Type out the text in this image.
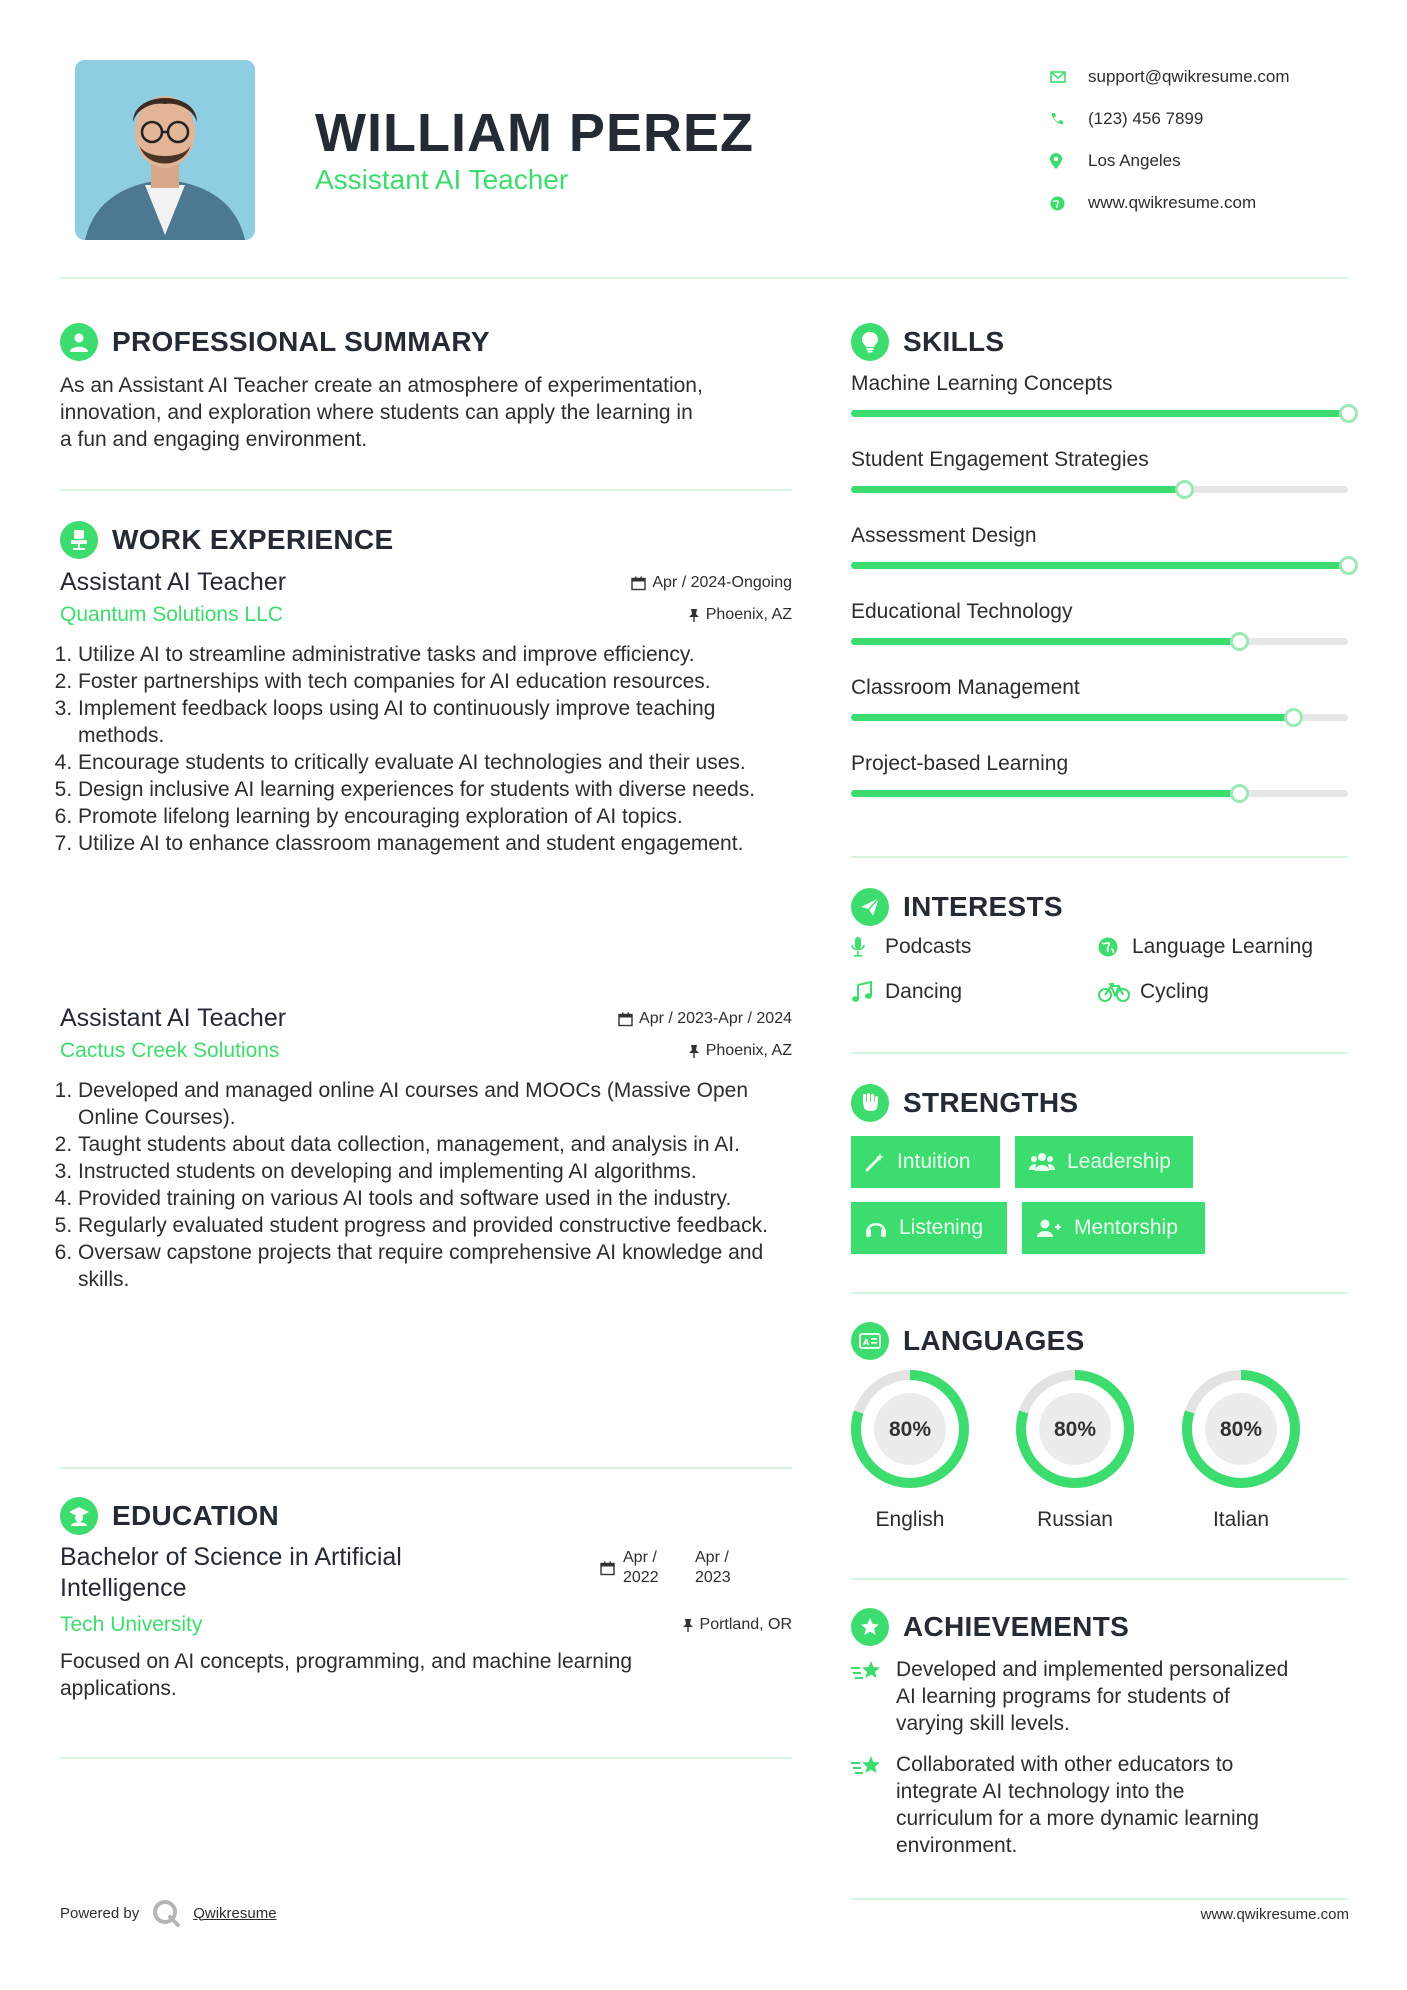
WILLIAM PEREZ
Assistant AI Teacher
support@qwikresume.com
(123) 456 7899
Los Angeles
www.qwikresume.com
PROFESSIONAL SUMMARY
As an Assistant AI Teacher create an atmosphere of experimentation,
innovation, and exploration where students can apply the learning in
a fun and engaging environment.
WORK EXPERIENCE
Assistant AI Teacher	Apr / 2024-Ongoing
Quantum Solutions LLC	Phoenix, AZ
1. Utilize AI to streamline administrative tasks and improve efficiency.
2. Foster partnerships with tech companies for AI education resources.
3. Implement feedback loops using AI to continuously improve teaching methods.
4. Encourage students to critically evaluate AI technologies and their uses.
5. Design inclusive AI learning experiences for students with diverse needs.
6. Promote lifelong learning by encouraging exploration of AI topics.
7. Utilize AI to enhance classroom management and student engagement.
Assistant AI Teacher	Apr / 2023-Apr / 2024
Cactus Creek Solutions	Phoenix, AZ
1. Developed and managed online AI courses and MOOCs (Massive Open Online Courses).
2. Taught students about data collection, management, and analysis in AI.
3. Instructed students on developing and implementing AI algorithms.
4. Provided training on various AI tools and software used in the industry.
5. Regularly evaluated student progress and provided constructive feedback.
6. Oversaw capstone projects that require comprehensive AI knowledge and skills.
EDUCATION
Bachelor of Science in Artificial
Intelligence
Apr /
2022
Apr /
2023
Tech University	Portland, OR
Focused on AI concepts, programming, and machine learning
applications.
SKILLS
Machine Learning Concepts
Student Engagement Strategies
Assessment Design
Educational Technology
Classroom Management
Project-based Learning
INTERESTS
Podcasts	Language Learning
Dancing	Cycling
STRENGTHS
Intuition	Leadership
Listening	Mentorship
A LANGUAGES
80%
English
80%
Russian
80%
Italian
ACHIEVEMENTS
Developed and implemented personalized
AI learning programs for students of
varying skill levels.
Collaborated with other educators to
integrate AI technology into the
curriculum for a more dynamic learning
environment.
Powered by	Qwikresume	www.qwikresume.com
